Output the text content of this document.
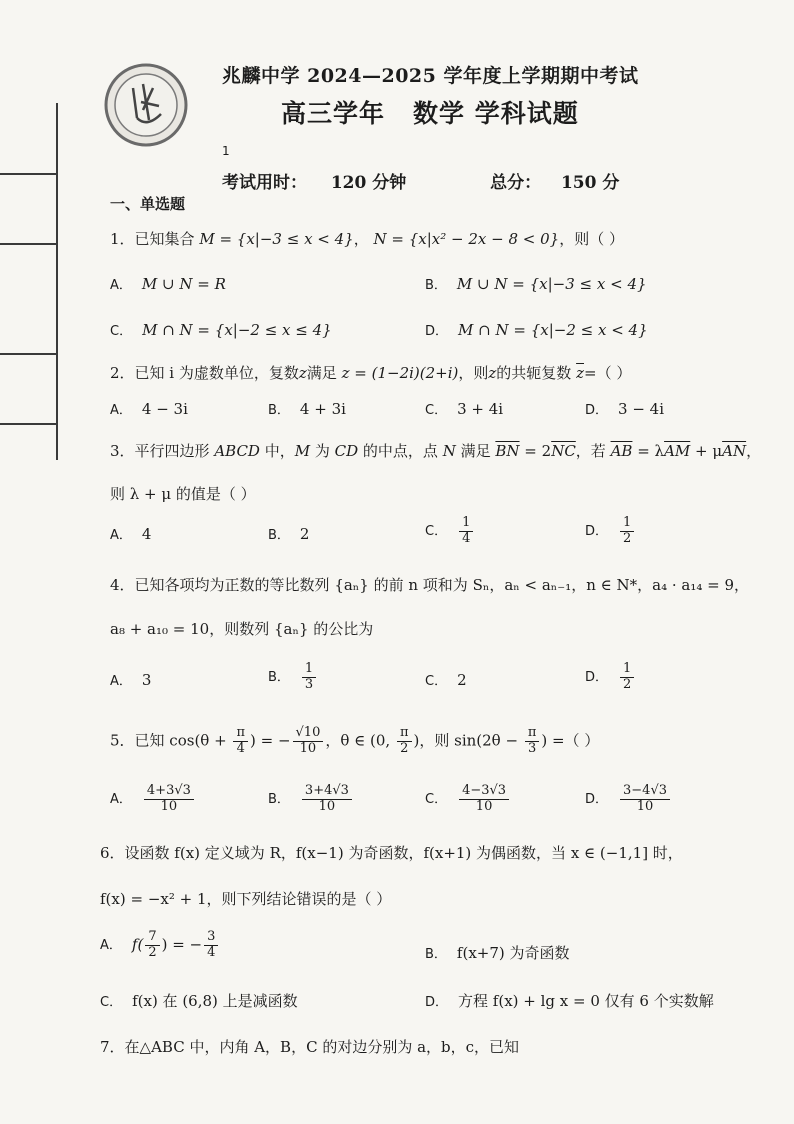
兆麟中学 2024—2025 学年度上学期期中考试
高三学年 数学 学科试题
1
考试用时： 120 分钟	总分： 150 分
一、单选题
1．已知集合 M = {x|−3 ≤ x < 4}， N = {x|x² − 2x − 8 < 0}，则（ ）
A． M ∪ N = R	B． M ∪ N = {x|−3 ≤ x < 4}
C． M ∩ N = {x|−2 ≤ x ≤ 4}	D． M ∩ N = {x|−2 ≤ x < 4}
2．已知 i 为虚数单位，复数z满足 z = (1−2i)(2+i)，则z的共轭复数 $\overline{z}=$（ ）
A． 4 − 3i	B． 4 + 3i	C． 3 + 4i	D． 3 − 4i
3．平行四边形 ABCD 中，M 为 CD 的中点，点 N 满足 $\overline{BN} = 2\overline{NC}$，若 $\overline{AB} = \lambda\overline{AM} + \mu\overline{AN}$，
则 λ + μ 的值是（ ）
A． 4	B． 2	C． $\frac{1}{4}$	D． $\frac{1}{2}$
4．已知各项均为正数的等比数列 {aₙ} 的前 n 项和为 Sₙ，aₙ < aₙ₋₁，n ∈ N*，a₄ · a₁₄ = 9，
a₈ + a₁₀ = 10，则数列 {aₙ} 的公比为
A． 3	B． $\frac{1}{3}$	C． 2	D． $\frac{1}{2}$
5．已知 $\cos(\theta + \frac{\pi}{4}$ ) = − $\frac{√10}{10}$ ，θ ∈ (0, $\frac{\pi}{2}$ )，则 $\sin(2\theta - \frac{\pi}{3}$ ) =（ ）
A． $\frac{4+3√3}{10}$	B． $\frac{3+4√3}{10}$	C． $\frac{4-3√3}{10}$	D． $\frac{3-4√3}{10}$
6．设函数 f(x) 定义域为 R，f(x−1) 为奇函数，f(x+1) 为偶函数，当 x ∈ (−1,1] 时，
f(x) = −x² + 1，则下列结论错误的是（ ）
A． $f( \frac{7}{2}$ ) = − $\frac{3}{4}$	B． f(x+7) 为奇函数
C． f(x) 在 (6,8) 上是减函数	D． 方程 f(x) + lg x = 0 仅有 6 个实数解
7．在△ABC 中，内角 A，B，C 的对边分别为 a，b，c，已知
